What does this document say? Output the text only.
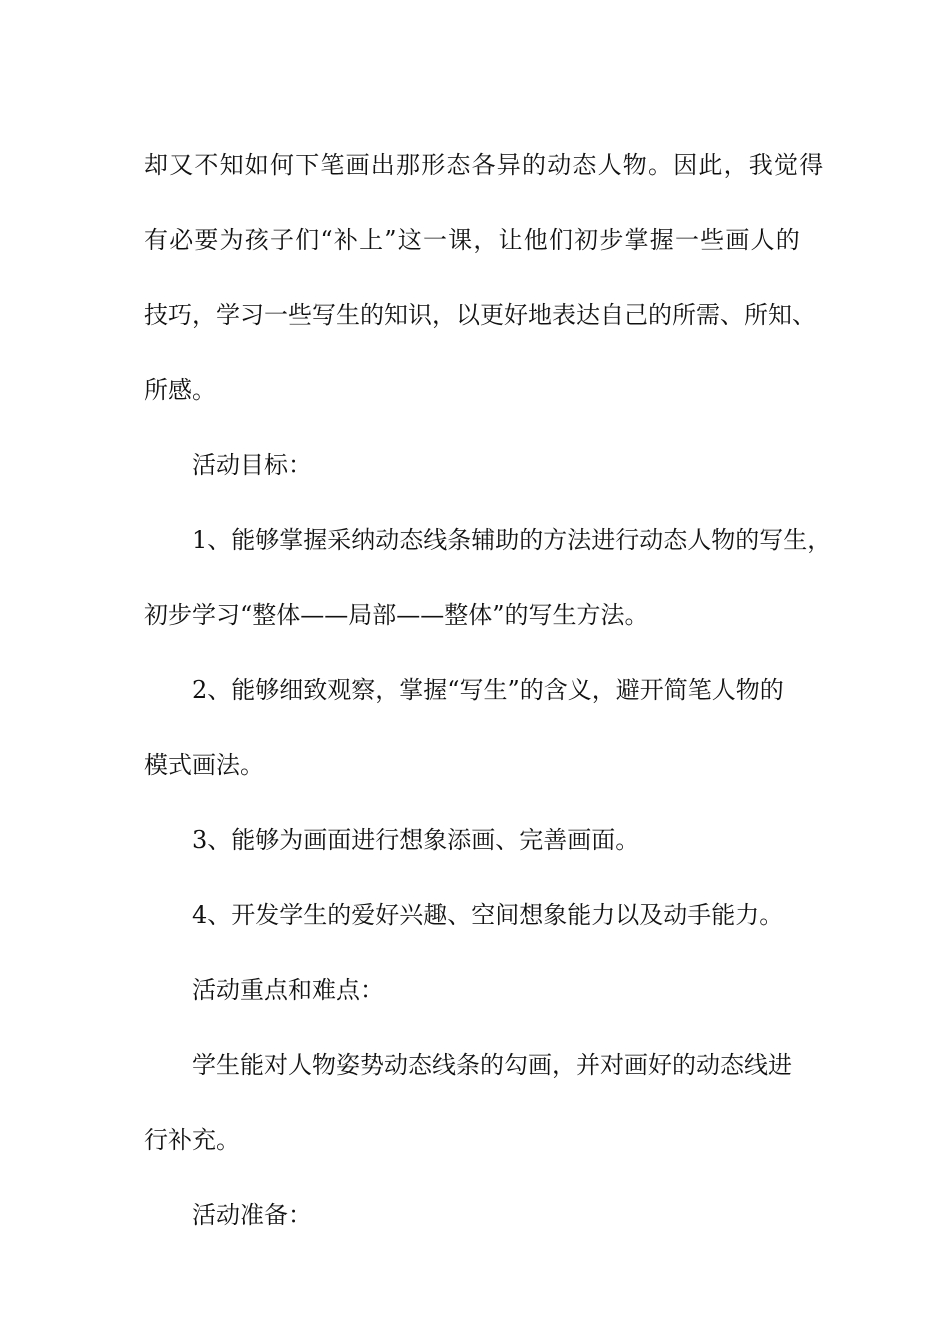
却又不知如何下笔画出那形态各异的动态人物。因此，我觉得
有必要为孩子们“补上”这一课，让他们初步掌握一些画人的
技巧，学习一些写生的知识，以更好地表达自己的所需、所知、
所感。
活动目标：
1、能够掌握采纳动态线条辅助的方法进行动态人物的写生，
初步学习“整体——局部——整体”的写生方法。
2、能够细致观察，掌握“写生”的含义，避开简笔人物的
模式画法。
3、能够为画面进行想象添画、完善画面。
4、开发学生的爱好兴趣、空间想象能力以及动手能力。
活动重点和难点：
学生能对人物姿势动态线条的勾画，并对画好的动态线进
行补充。
活动准备：
